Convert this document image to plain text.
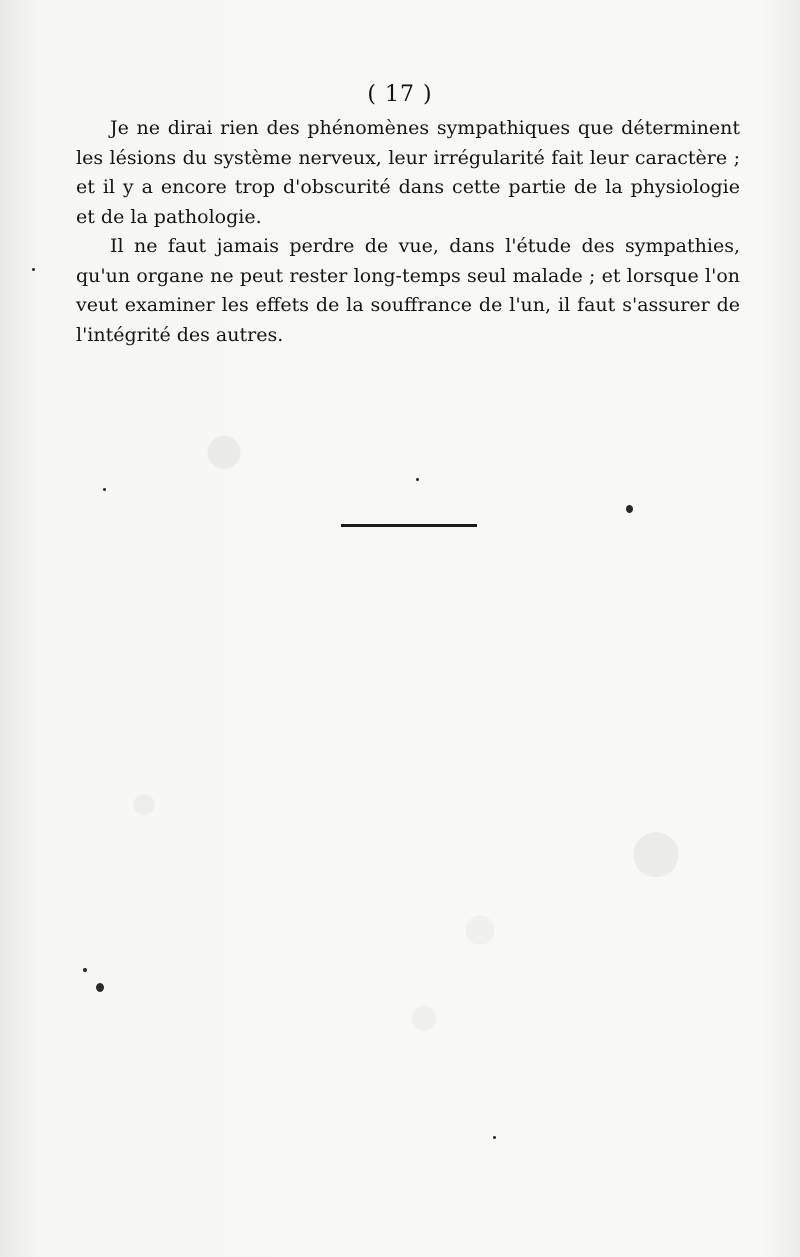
( 17 )

Je ne dirai rien des phénomènes sympathiques que déterminent les lésions du système nerveux, leur irrégularité fait leur caractère ; et il y a encore trop d'obscurité dans cette partie de la physiologie et de la pathologie.

Il ne faut jamais perdre de vue, dans l'étude des sympathies, qu'un organe ne peut rester long-temps seul malade ; et lorsque l'on veut examiner les effets de la souffrance de l'un, il faut s'assurer de l'intégrité des autres.
